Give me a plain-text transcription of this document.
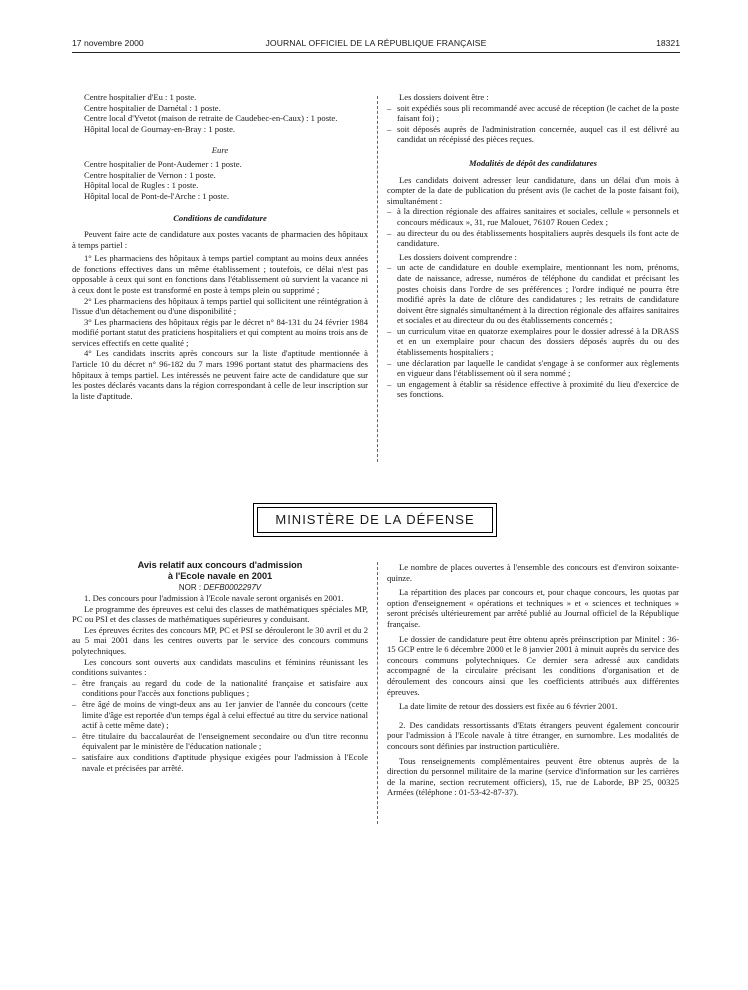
17 novembre 2000	JOURNAL OFFICIEL DE LA RÉPUBLIQUE FRANÇAISE	18321

Centre hospitalier d'Eu : 1 poste.

Centre hospitalier de Darnétal : 1 poste.

Centre local d'Yvetot (maison de retraite de Caudebec-en-Caux) : 1 poste.

Hôpital local de Gournay-en-Bray : 1 poste.

Eure

Centre hospitalier de Pont-Audemer : 1 poste.

Centre hospitalier de Vernon : 1 poste.

Hôpital local de Rugles : 1 poste.

Hôpital local de Pont-de-l'Arche : 1 poste.

Conditions de candidature

Peuvent faire acte de candidature aux postes vacants de pharmacien des hôpitaux à temps partiel :

1° Les pharmaciens des hôpitaux à temps partiel comptant au moins deux années de fonctions effectives dans un même établissement ; toutefois, ce délai n'est pas opposable à ceux qui sont en fonctions dans l'établissement où survient la vacance ni à ceux dont le poste est transformé en poste à temps plein ou supprimé ;

2° Les pharmaciens des hôpitaux à temps partiel qui sollicitent une réintégration à l'issue d'un détachement ou d'une disponibilité ;

3° Les pharmaciens des hôpitaux régis par le décret n° 84-131 du 24 février 1984 modifié portant statut des praticiens hospitaliers et qui comptent au moins trois ans de services effectifs en cette qualité ;

4° Les candidats inscrits après concours sur la liste d'aptitude mentionnée à l'article 10 du décret n° 96-182 du 7 mars 1996 portant statut des pharmaciens des hôpitaux à temps partiel. Les intéressés ne peuvent faire acte de candidature que sur les postes déclarés vacants dans la région correspondant à celle de leur inscription sur la liste d'aptitude.

Les dossiers doivent être :

– soit expédiés sous pli recommandé avec accusé de réception (le cachet de la poste faisant foi) ;

– soit déposés auprès de l'administration concernée, auquel cas il est délivré au candidat un récépissé des pièces reçues.

Modalités de dépôt des candidatures

Les candidats doivent adresser leur candidature, dans un délai d'un mois à compter de la date de publication du présent avis (le cachet de la poste faisant foi), simultanément :

– à la direction régionale des affaires sanitaires et sociales, cellule « personnels et concours médicaux », 31, rue Malouet, 76107 Rouen Cedex ;

– au directeur du ou des établissements hospitaliers auprès desquels ils font acte de candidature.

Les dossiers doivent comprendre :

– un acte de candidature en double exemplaire, mentionnant les nom, prénoms, date de naissance, adresse, numéros de téléphone du candidat et précisant les postes choisis dans l'ordre de ses préférences ; l'ordre indiqué ne pourra être modifié après la date de clôture des candidatures ; les retraits de candidature doivent être signalés simultanément à la direction régionale des affaires sanitaires et sociales et au directeur du ou des établissements concernés ;

– un curriculum vitae en quatorze exemplaires pour le dossier adressé à la DRASS et en un exemplaire pour chacun des dossiers déposés auprès du ou des établissements hospitaliers ;

– une déclaration par laquelle le candidat s'engage à se conformer aux règlements en vigueur dans l'établissement où il sera nommé ;

– un engagement à établir sa résidence effective à proximité du lieu d'exercice de ses fonctions.

MINISTÈRE DE LA DÉFENSE

Avis relatif aux concours d'admission
à l'Ecole navale en 2001

NOR : DEFB0002297V

1. Des concours pour l'admission à l'Ecole navale seront organisés en 2001.

Le programme des épreuves est celui des classes de mathématiques spéciales MP, PC ou PSI et des classes de mathématiques supérieures y conduisant.

Les épreuves écrites des concours MP, PC et PSI se dérouleront le 30 avril et du 2 au 5 mai 2001 dans les centres ouverts par le service des concours communs polytechniques.

Les concours sont ouverts aux candidats masculins et féminins réunissant les conditions suivantes :

– être français au regard du code de la nationalité française et satisfaire aux conditions pour l'accès aux fonctions publiques ;

– être âgé de moins de vingt-deux ans au 1er janvier de l'année du concours (cette limite d'âge est reportée d'un temps égal à celui effectué au titre du service national actif à cette même date) ;

– être titulaire du baccalauréat de l'enseignement secondaire ou d'un titre reconnu équivalent par le ministère de l'éducation nationale ;

– satisfaire aux conditions d'aptitude physique exigées pour l'admission à l'Ecole navale et précisées par arrêté.

Le nombre de places ouvertes à l'ensemble des concours est d'environ soixante-quinze.

La répartition des places par concours et, pour chaque concours, les quotas par option d'enseignement « opérations et techniques » et « sciences et techniques » seront précisés ultérieurement par arrêté publié au Journal officiel de la République française.

Le dossier de candidature peut être obtenu après préinscription par Minitel : 36-15 GCP entre le 6 décembre 2000 et le 8 janvier 2001 à minuit auprès du service des concours communs polytechniques. Ce dernier sera adressé aux candidats accompagné de la circulaire précisant les conditions d'organisation et de déroulement des concours ainsi que les coefficients attribués aux différentes épreuves.

La date limite de retour des dossiers est fixée au 6 février 2001.

2. Des candidats ressortissants d'Etats étrangers peuvent également concourir pour l'admission à l'Ecole navale à titre étranger, en surnombre. Les modalités de concours sont définies par instruction particulière.

Tous renseignements complémentaires peuvent être obtenus auprès de la direction du personnel militaire de la marine (service d'information sur les carrières de la marine, section recrutement officiers), 15, rue de Laborde, BP 25, 00325 Armées (téléphone : 01-53-42-87-37).
